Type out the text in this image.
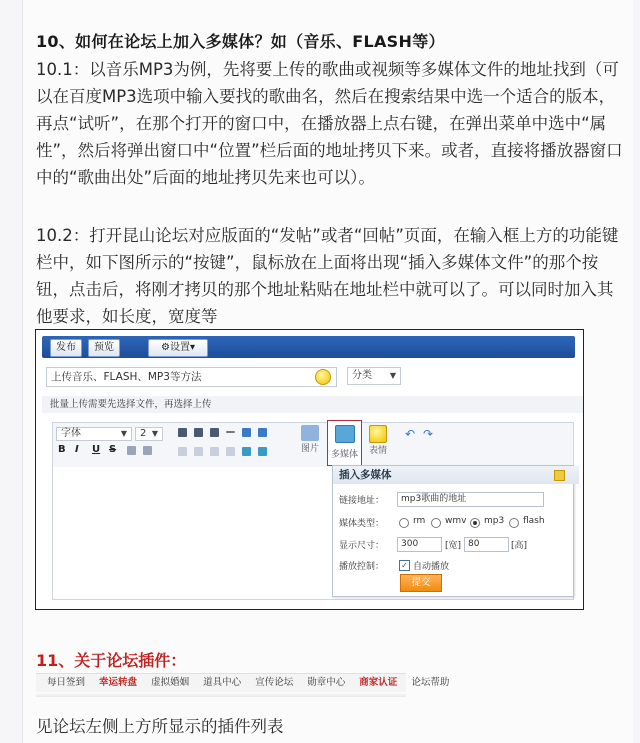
10、如何在论坛上加入多媒体？如（音乐、FLASH等）
10.1：以音乐MP3为例，先将要上传的歌曲或视频等多媒体文件的地址找到（可以在百度MP3选项中输入要找的歌曲名，然后在搜索结果中选一个适合的版本，再点“试听”，在那个打开的窗口中，在播放器上点右键，在弹出菜单中选中“属性”，然后将弹出窗口中“位置”栏后面的地址拷贝下来。或者，直接将播放器窗口中的“歌曲出处”后面的地址拷贝先来也可以）。
10.2：打开昆山论坛对应版面的“发帖”或者“回帖”页面，在输入框上方的功能键栏中，如下图所示的“按键”，鼠标放在上面将出现“插入多媒体文件”的那个按钮，点击后，将刚才拷贝的那个地址粘贴在地址栏中就可以了。可以同时加入其他要求，如长度，宽度等
发布	预览	⚙设置▾
上传音乐、FLASH、MP3等方法	分类 ▼
批量上传需要先选择文件，再选择上传
字体	▼	2 ▼
B I U S	图片	表情
↶ ↷
多媒体
插入多媒体
链接地址：	mp3歌曲的地址
媒体类型：	rm wmv mp3 flash
显示尺寸：	300	[宽] 80	[高]
播放控制： ✓ 自动播放
提交
11、关于论坛插件：
每日签到 幸运转盘 虚拟婚姻 道具中心 宣传论坛 勋章中心 商家认证 论坛帮助
见论坛左侧上方所显示的插件列表
